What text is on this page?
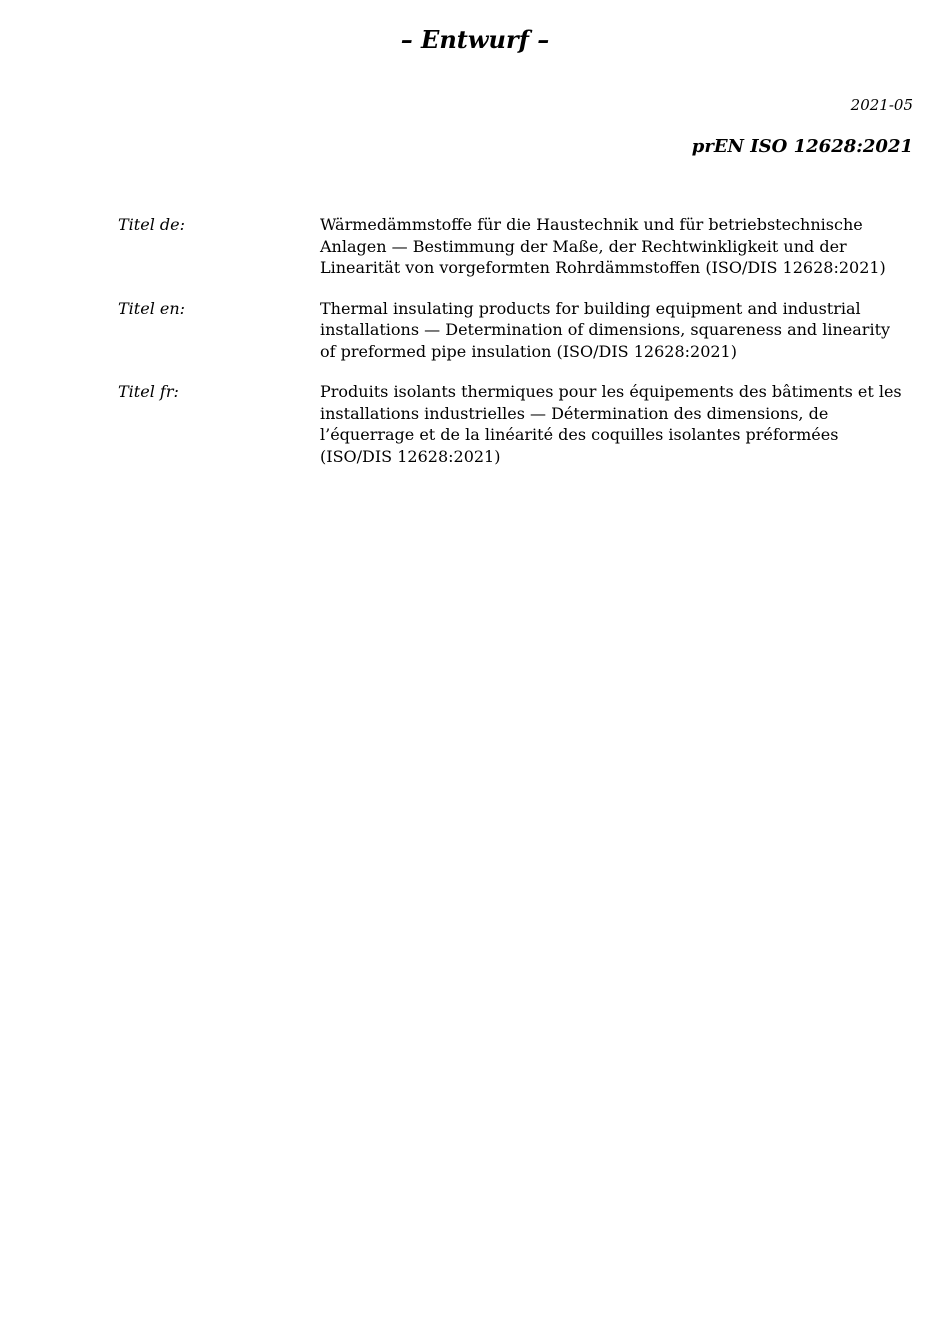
– Entwurf –
2021-05
prEN ISO 12628:2021
Titel de:	Wärmedämmstoffe für die Haustechnik und für betriebstechnische Anlagen — Bestimmung der Maße, der Rechtwinkligkeit und der Linearität von vorgeformten Rohrdämmstoffen (ISO/DIS 12628:2021)
Titel en:	Thermal insulating products for building equipment and industrial installations — Determination of dimensions, squareness and linearity of preformed pipe insulation (ISO/DIS 12628:2021)
Titel fr:	Produits isolants thermiques pour les équipements des bâtiments et les installations industrielles — Détermination des dimensions, de l’équerrage et de la linéarité des coquilles isolantes préformées (ISO/DIS 12628:2021)
